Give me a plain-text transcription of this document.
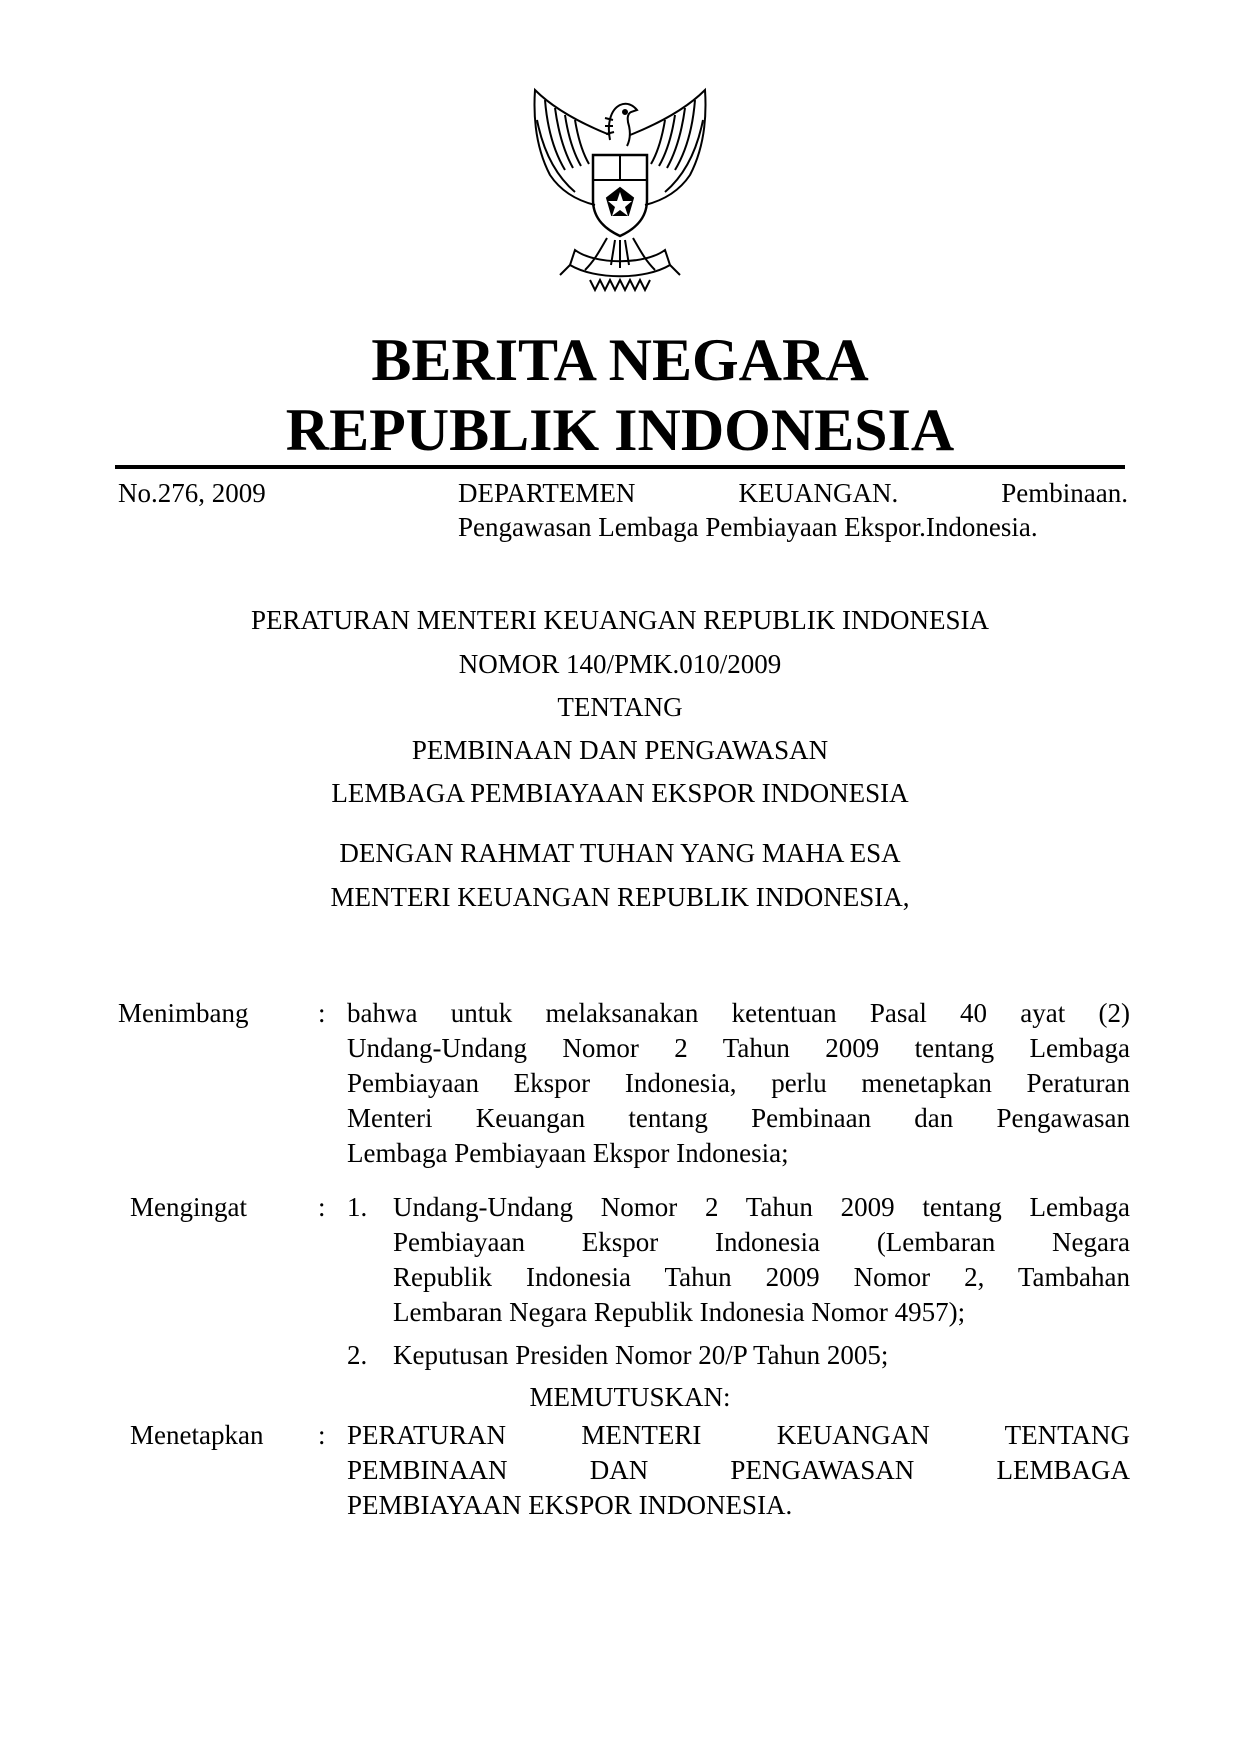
BERITA NEGARA
REPUBLIK INDONESIA
No.276, 2009	DEPARTEMEN KEUANGAN. Pembinaan.
Pengawasan Lembaga Pembiayaan Ekspor.Indonesia.
PERATURAN MENTERI KEUANGAN REPUBLIK INDONESIA
NOMOR 140/PMK.010/2009
TENTANG
PEMBINAAN DAN PENGAWASAN
LEMBAGA PEMBIAYAAN EKSPOR INDONESIA
DENGAN RAHMAT TUHAN YANG MAHA ESA
MENTERI KEUANGAN REPUBLIK INDONESIA,
Menimbang	: bahwa untuk melaksanakan ketentuan Pasal 40 ayat (2)
Undang-Undang Nomor 2 Tahun 2009 tentang Lembaga
Pembiayaan Ekspor Indonesia, perlu menetapkan Peraturan
Menteri Keuangan tentang Pembinaan dan Pengawasan
Lembaga Pembiayaan Ekspor Indonesia;
Mengingat	: 1. Undang-Undang Nomor 2 Tahun 2009 tentang Lembaga
Pembiayaan Ekspor Indonesia (Lembaran Negara
Republik Indonesia Tahun 2009 Nomor 2, Tambahan
Lembaran Negara Republik Indonesia Nomor 4957);
2. Keputusan Presiden Nomor 20/P Tahun 2005;
MEMUTUSKAN:
Menetapkan : PERATURAN MENTERI KEUANGAN TENTANG
PEMBINAAN DAN PENGAWASAN LEMBAGA
PEMBIAYAAN EKSPOR INDONESIA.
